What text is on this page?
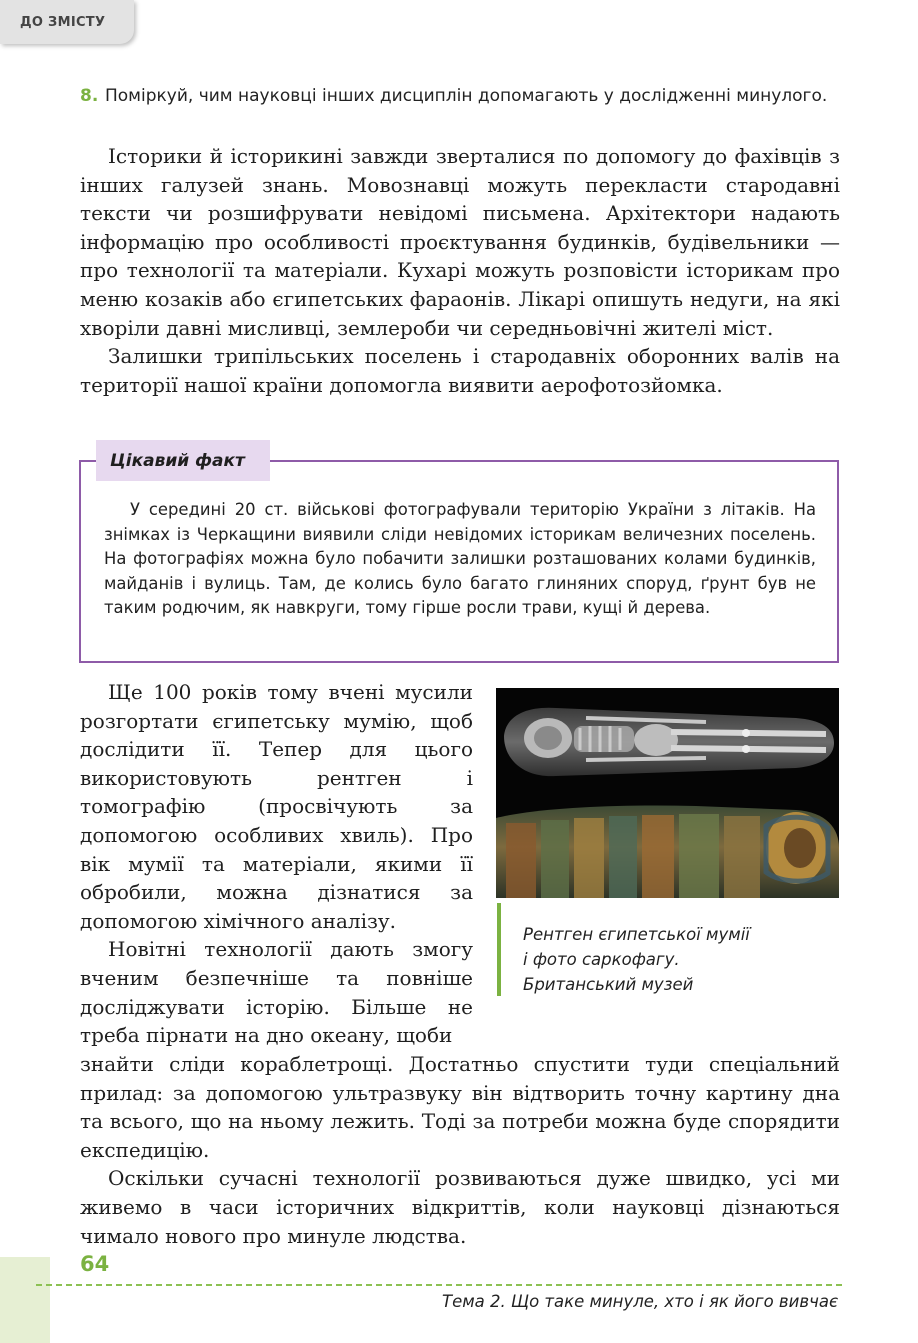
ДО ЗМІСТУ
8. Поміркуй, чим науковці інших дисциплін допомагають у дослідженні минулого.

Історики й історикині завжди зверталися по допомогу до фахівців з інших галузей знань. Мовознавці можуть перекласти стародавні тексти чи розшифрувати невідомі письмена. Архітектори надають інформацію про особливості проєктування будинків, будівельники — про технології та матеріали. Кухарі можуть розповісти історикам про меню козаків або єгипетських фараонів. Лікарі опишуть недуги, на які хворіли давні мисливці, землероби чи середньовічні жителі міст.

Залишки трипільських поселень і стародавніх оборонних валів на території нашої країни допомогла виявити аерофотозйомка.

Цікавий факт

У середині 20 ст. військові фотографували територію України з літаків. На знімках із Черкащини виявили сліди невідомих історикам величезних поселень. На фотографіях можна було побачити залишки розташованих колами будинків, майданів і вулиць. Там, де колись було багато глиняних споруд, ґрунт був не таким родючим, як навкруги, тому гірше росли трави, кущі й дерева.

Ще 100 років тому вчені мусили розгортати єгипетську мумію, щоб дослідити її. Тепер для цього використовують рентген і томографію (просвічують за допомогою особливих хвиль). Про вік мумії та матеріали, якими її обробили, можна дізнатися за допомогою хімічного аналізу.

Новітні технології дають змогу вченим безпечніше та повніше досліджувати історію. Більше не треба пірнати на дно океану, щоби

Рентген єгипетської мумії
і фото саркофагу.
Британський музей

знайти сліди кораблетрощі. Достатньо спустити туди спеціальний прилад: за допомогою ультразвуку він відтворить точну картину дна та всього, що на ньому лежить. Тоді за потреби можна буде спорядити експедицію.

Оскільки сучасні технології розвиваються дуже швидко, усі ми живемо в часи історичних відкриттів, коли науковці дізнаються чимало нового про минуле людства.

64
Тема 2. Що таке минуле, хто і як його вивчає
